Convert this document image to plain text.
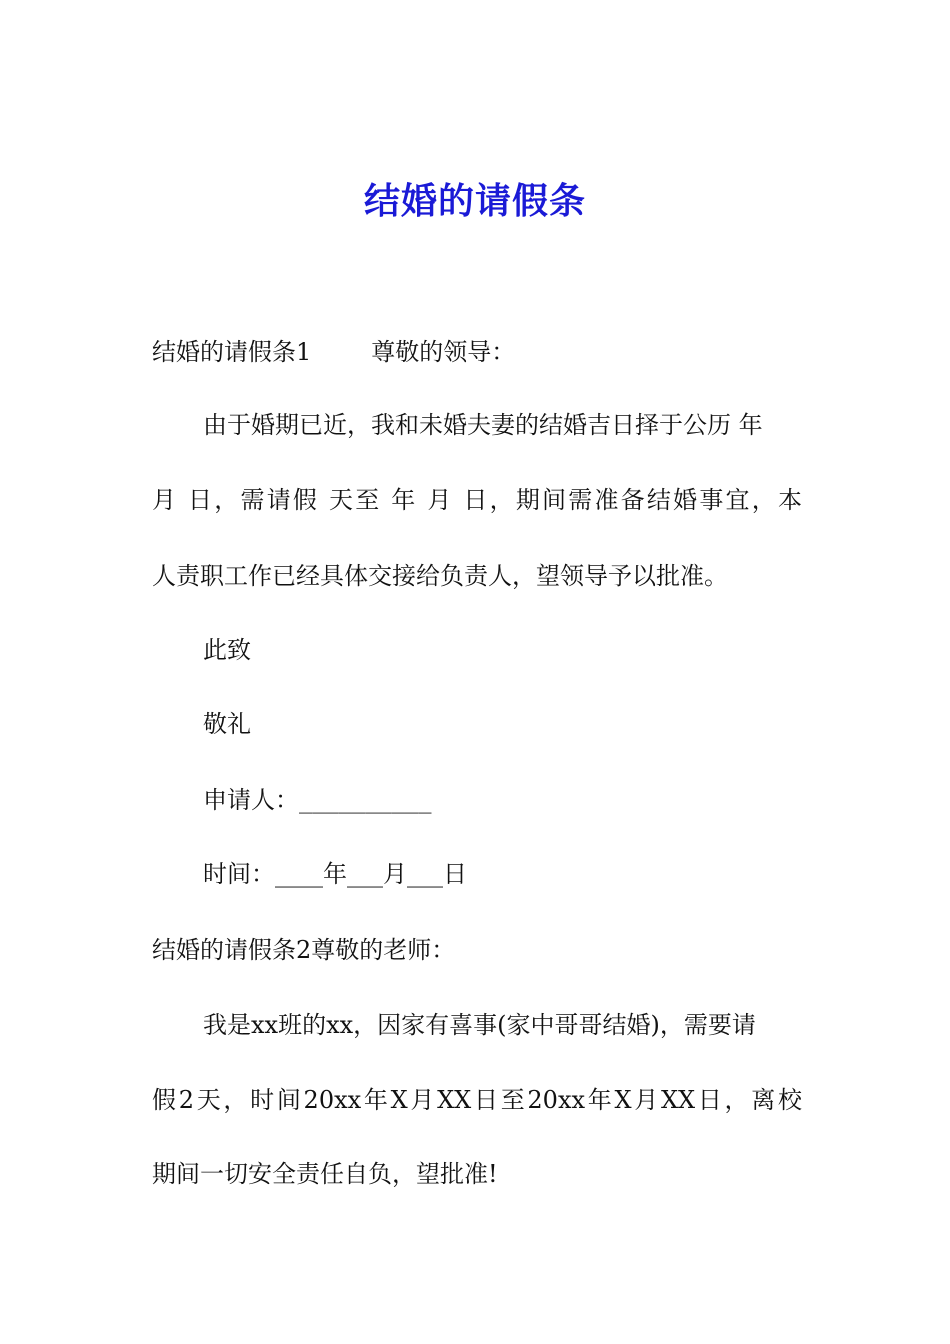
结婚的请假条
结婚的请假条1	尊敬的领导：
由于婚期已近，我和未婚夫妻的结婚吉日择于公历 年
月 日，需请假 天至 年 月 日，期间需准备结婚事宜，本
人责职工作已经具体交接给负责人，望领导予以批准。
此致
敬礼
申请人：__________
时间：____年___月___日
结婚的请假条2尊敬的老师：
我是xx班的xx，因家有喜事(家中哥哥结婚)，需要请
假2天，时间20xx年X月XX日至20xx年X月XX日，离校
期间一切安全责任自负，望批准!
